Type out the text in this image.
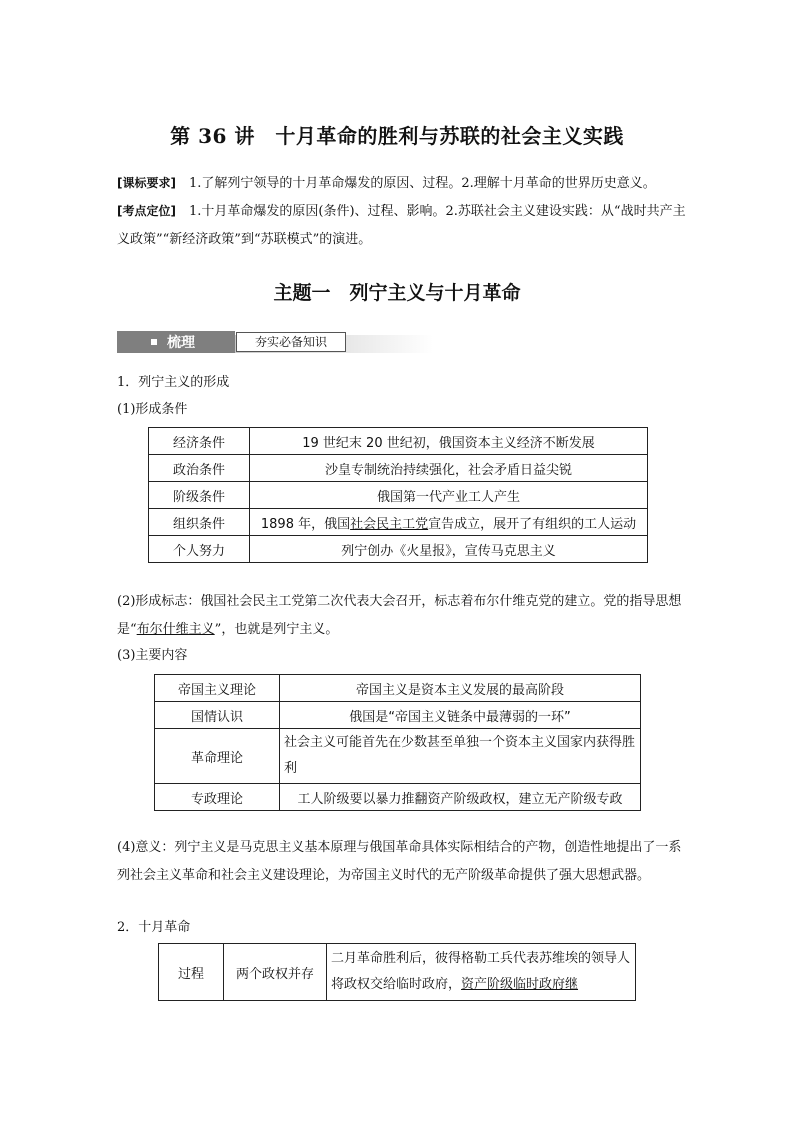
第 36 讲　十月革命的胜利与苏联的社会主义实践
[课标要求]　1.了解列宁领导的十月革命爆发的原因、过程。2.理解十月革命的世界历史意义。
[考点定位]　1.十月革命爆发的原因(条件)、过程、影响。2.苏联社会主义建设实践：从“战时共产主义政策”“新经济政策”到“苏联模式”的演进。
主题一　列宁主义与十月革命
梳理	夯实必备知识
1．列宁主义的形成
(1)形成条件
经济条件	19 世纪末 20 世纪初，俄国资本主义经济不断发展
政治条件	沙皇专制统治持续强化，社会矛盾日益尖锐
阶级条件	俄国第一代产业工人产生
组织条件	1898 年，俄国社会民主工党宣告成立，展开了有组织的工人运动
个人努力	列宁创办《火星报》，宣传马克思主义
(2)形成标志：俄国社会民主工党第二次代表大会召开，标志着布尔什维克党的建立。党的指导思想是“布尔什维主义”，也就是列宁主义。
(3)主要内容
帝国主义理论	帝国主义是资本主义发展的最高阶段
国情认识	俄国是“帝国主义链条中最薄弱的一环”
革命理论	社会主义可能首先在少数甚至单独一个资本主义国家内获得胜利
专政理论	工人阶级要以暴力推翻资产阶级政权，建立无产阶级专政
(4)意义：列宁主义是马克思主义基本原理与俄国革命具体实际相结合的产物，创造性地提出了一系列社会主义革命和社会主义建设理论，为帝国主义时代的无产阶级革命提供了强大思想武器。
2．十月革命
过程	两个政权并存	二月革命胜利后，彼得格勒工兵代表苏维埃的领导人将政权交给临时政府，资产阶级临时政府继
